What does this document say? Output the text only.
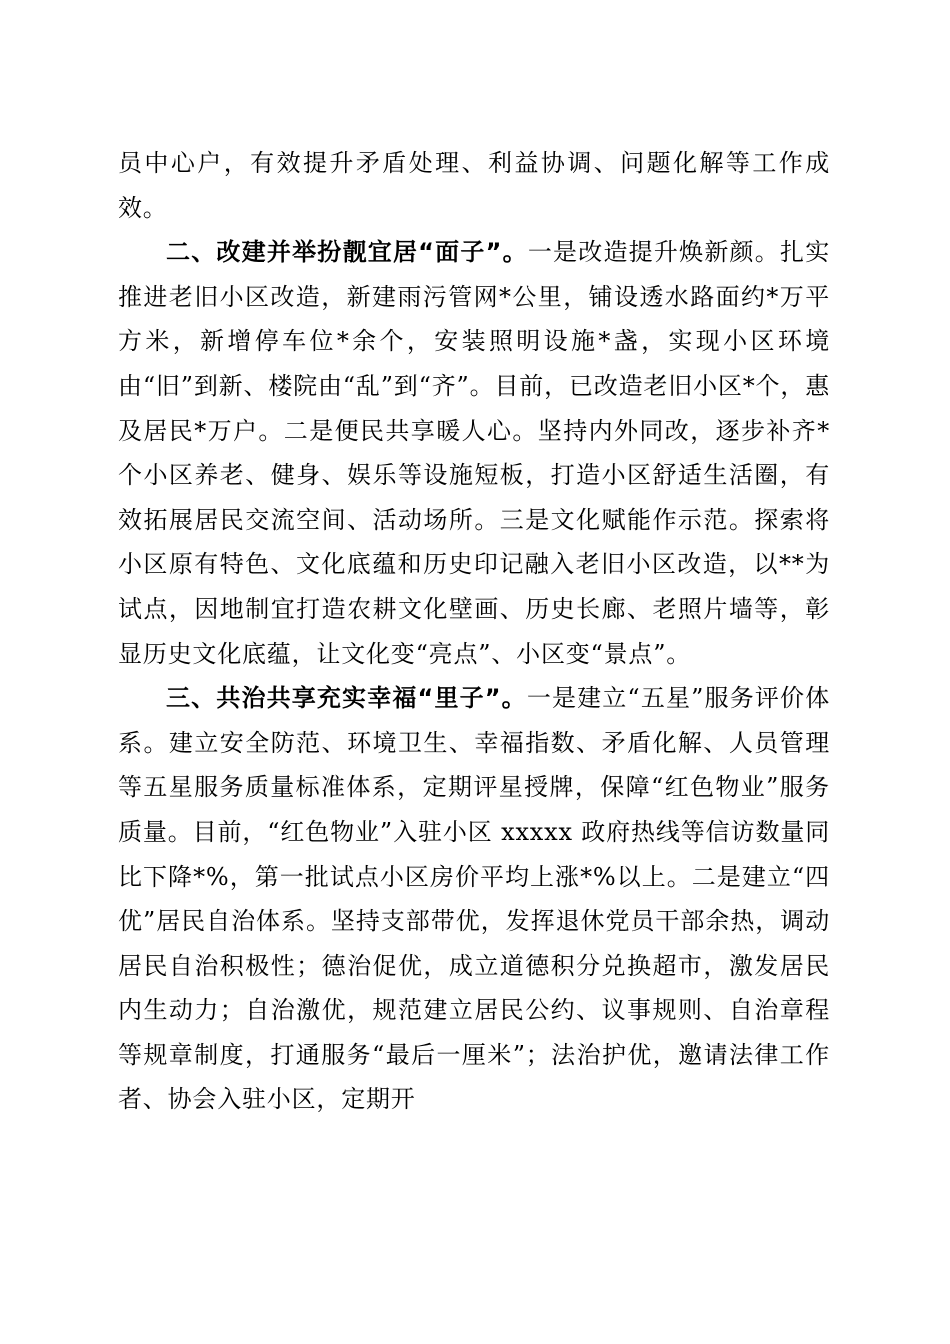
员中心户，有效提升矛盾处理、利益协调、问题化解等工作成效。

二、改建并举扮靓宜居“面子”。一是改造提升焕新颜。扎实推进老旧小区改造，新建雨污管网*公里，铺设透水路面约*万平方米，新增停车位*余个，安装照明设施*盏，实现小区环境由“旧”到新、楼院由“乱”到“齐”。目前，已改造老旧小区*个，惠及居民*万户。二是便民共享暖人心。坚持内外同改，逐步补齐*个小区养老、健身、娱乐等设施短板，打造小区舒适生活圈，有效拓展居民交流空间、活动场所。三是文化赋能作示范。探索将小区原有特色、文化底蕴和历史印记融入老旧小区改造，以**为试点，因地制宜打造农耕文化壁画、历史长廊、老照片墙等，彰显历史文化底蕴，让文化变“亮点”、小区变“景点”。

三、共治共享充实幸福“里子”。一是建立“五星”服务评价体系。建立安全防范、环境卫生、幸福指数、矛盾化解、人员管理等五星服务质量标准体系，定期评星授牌，保障“红色物业”服务质量。目前，“红色物业”入驻小区 xxxxx 政府热线等信访数量同比下降*%，第一批试点小区房价平均上涨*%以上。二是建立“四优”居民自治体系。坚持支部带优，发挥退休党员干部余热，调动居民自治积极性；德治促优，成立道德积分兑换超市，激发居民内生动力；自治激优，规范建立居民公约、议事规则、自治章程等规章制度，打通服务“最后一厘米”；法治护优，邀请法律工作者、协会入驻小区，定期开
